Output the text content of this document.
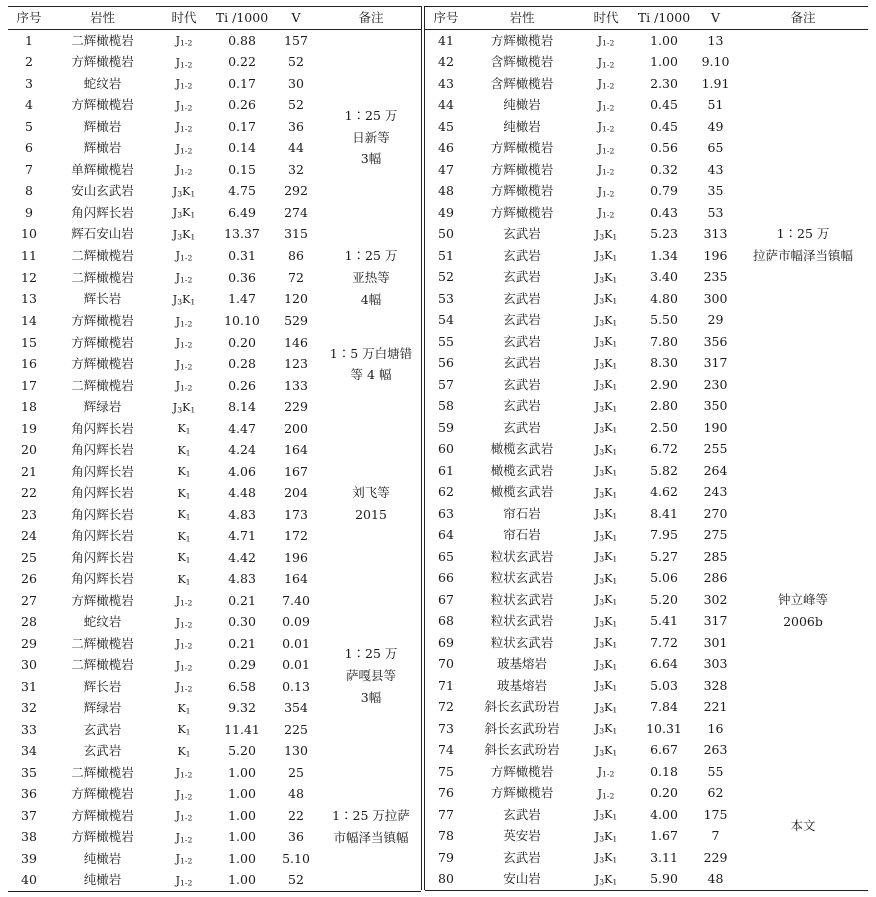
序号	岩性	时代	Ti /1000	V	备注
1	二辉橄榄岩	$J_{1-2}$	0.88	157	1∶25 万
日新等
3幅

2	方辉橄榄岩	$J_{1-2}$	0.22	52	
3	蛇纹岩	$J_{1-2}$	0.17	30	
4	方辉橄榄岩	$J_{1-2}$	0.26	52	
5	辉橄岩	$J_{1-2}$	0.17	36	
6	辉橄岩	$J_{1-2}$	0.14	44	
7	单辉橄榄岩	$J_{1-2}$	0.15	32	
8	安山玄武岩	$J_3K_1$	4.75	292	
9	角闪辉长岩	$J_3K_1$	6.49	274	
10	辉石安山岩	$J_3K_1$	13.37	315	
11	二辉橄榄岩	$J_{1-2}$	0.31	86	1∶25 万
亚热等
4幅

12	二辉橄榄岩	$J_{1-2}$	0.36	72	
13	辉长岩	$J_3K_1$	1.47	120	
14	方辉橄榄岩	$J_{1-2}$	10.10	529	1∶5 万白塘错
等 4 幅

15	方辉橄榄岩	$J_{1-2}$	0.20	146	
16	方辉橄榄岩	$J_{1-2}$	0.28	123	
17	二辉橄榄岩	$J_{1-2}$	0.26	133	
18	辉绿岩	$J_3K_1$	8.14	229	
19	角闪辉长岩	$K_1$	4.47	200	刘飞等
2015

20	角闪辉长岩	$K_1$	4.24	164	
21	角闪辉长岩	$K_1$	4.06	167	
22	角闪辉长岩	$K_1$	4.48	204	
23	角闪辉长岩	$K_1$	4.83	173	
24	角闪辉长岩	$K_1$	4.71	172	
25	角闪辉长岩	$K_1$	4.42	196	
26	角闪辉长岩	$K_1$	4.83	164	
27	方辉橄榄岩	$J_{1-2}$	0.21	7.40	1∶25 万
萨嘎县等
3幅

28	蛇纹岩	$J_{1-2}$	0.30	0.09	
29	二辉橄榄岩	$J_{1-2}$	0.21	0.01	
30	二辉橄榄岩	$J_{1-2}$	0.29	0.01	
31	辉长岩	$J_{1-2}$	6.58	0.13	
32	辉绿岩	$K_1$	9.32	354	
33	玄武岩	$K_1$	11.41	225	
34	玄武岩	$K_1$	5.20	130	
35	二辉橄榄岩	$J_{1-2}$	1.00	25	1∶25 万拉萨
市幅泽当镇幅

36	方辉橄榄岩	$J_{1-2}$	1.00	48	
37	方辉橄榄岩	$J_{1-2}$	1.00	22	
38	方辉橄榄岩	$J_{1-2}$	1.00	36	
39	纯橄岩	$J_{1-2}$	1.00	5.10	
40	纯橄岩	$J_{1-2}$	1.00	52	
序号	岩性	时代	Ti /1000	V	备注
41	方辉橄榄岩	$J_{1-2}$	1.00	13	1∶25 万
拉萨市幅泽当镇幅

42	含辉橄榄岩	$J_{1-2}$	1.00	9.10	
43	含辉橄榄岩	$J_{1-2}$	2.30	1.91	
44	纯橄岩	$J_{1-2}$	0.45	51	
45	纯橄岩	$J_{1-2}$	0.45	49	
46	方辉橄榄岩	$J_{1-2}$	0.56	65	
47	方辉橄榄岩	$J_{1-2}$	0.32	43	
48	方辉橄榄岩	$J_{1-2}$	0.79	35	
49	方辉橄榄岩	$J_{1-2}$	0.43	53	
50	玄武岩	$J_3K_1$	5.23	313	
51	玄武岩	$J_3K_1$	1.34	196	
52	玄武岩	$J_3K_1$	3.40	235	
53	玄武岩	$J_3K_1$	4.80	300	
54	玄武岩	$J_3K_1$	5.50	29	
55	玄武岩	$J_3K_1$	7.80	356	
56	玄武岩	$J_3K_1$	8.30	317	
57	玄武岩	$J_3K_1$	2.90	230	
58	玄武岩	$J_3K_1$	2.80	350	
59	玄武岩	$J_3K_1$	2.50	190	
60	橄榄玄武岩	$J_3K_1$	6.72	255	
61	橄榄玄武岩	$J_3K_1$	5.82	264	钟立峰等
2006b

62	橄榄玄武岩	$J_3K_1$	4.62	243	
63	帘石岩	$J_3K_1$	8.41	270	
64	帘石岩	$J_3K_1$	7.95	275	
65	粒状玄武岩	$J_3K_1$	5.27	285	
66	粒状玄武岩	$J_3K_1$	5.06	286	
67	粒状玄武岩	$J_3K_1$	5.20	302	
68	粒状玄武岩	$J_3K_1$	5.41	317	
69	粒状玄武岩	$J_3K_1$	7.72	301	
70	玻基熔岩	$J_3K_1$	6.64	303	
71	玻基熔岩	$J_3K_1$	5.03	328	
72	斜长玄武玢岩	$J_3K_1$	7.84	221	
73	斜长玄武玢岩	$J_3K_1$	10.31	16	
74	斜长玄武玢岩	$J_3K_1$	6.67	263	
75	方辉橄榄岩	$J_{1-2}$	0.18	55	本文

76	方辉橄榄岩	$J_{1-2}$	0.20	62	
77	玄武岩	$J_3K_1$	4.00	175	
78	英安岩	$J_3K_1$	1.67	7	
79	玄武岩	$J_3K_1$	3.11	229	
80	安山岩	$J_3K_1$	5.90	48	
